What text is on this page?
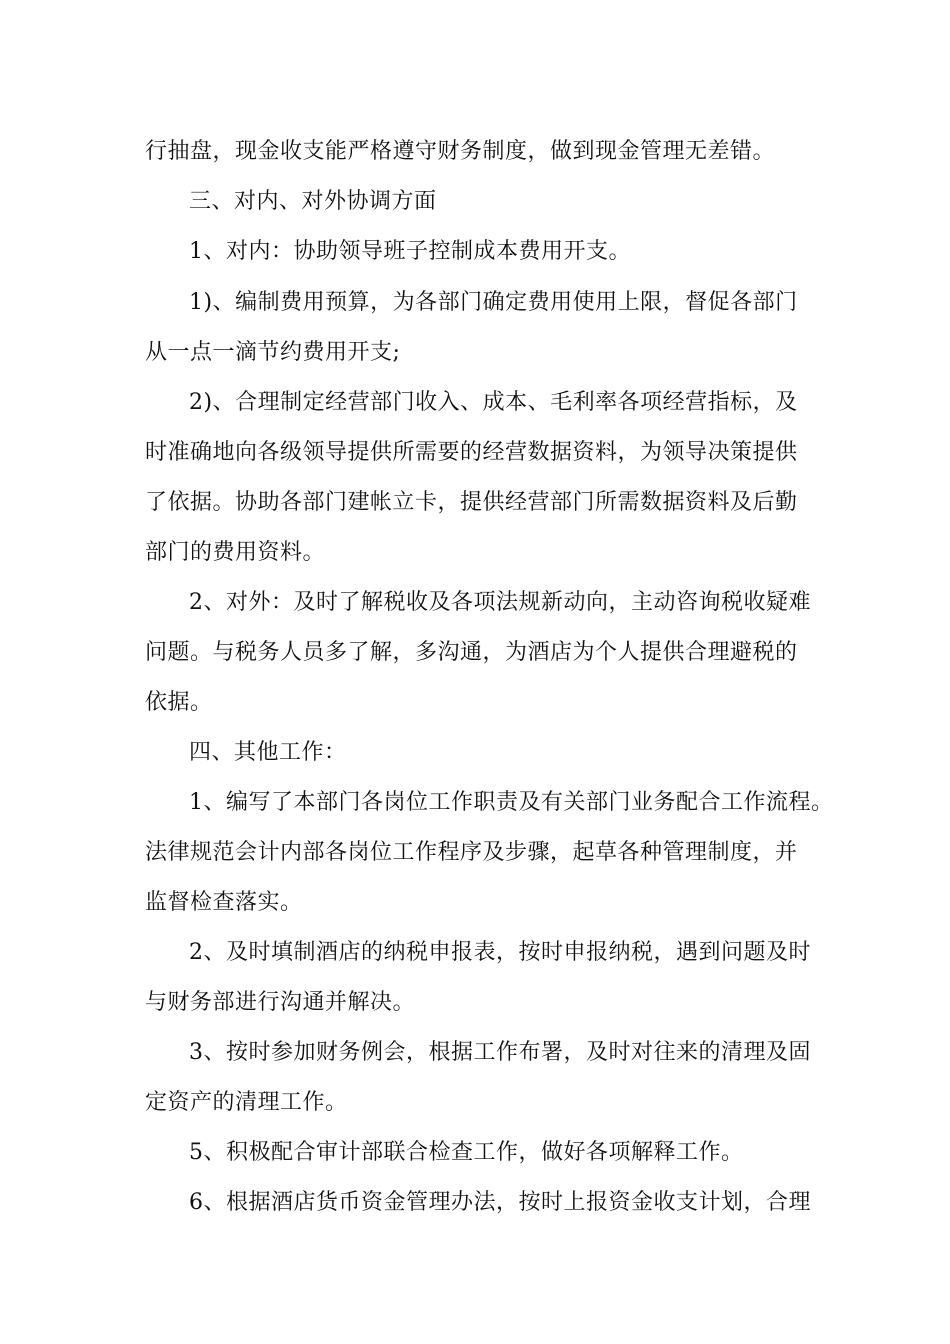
行抽盘，现金收支能严格遵守财务制度，做到现金管理无差错。
三、对内、对外协调方面
1、对内：协助领导班子控制成本费用开支。
1)、编制费用预算，为各部门确定费用使用上限，督促各部门
从一点一滴节约费用开支;
2)、合理制定经营部门收入、成本、毛利率各项经营指标，及
时准确地向各级领导提供所需要的经营数据资料，为领导决策提供
了依据。协助各部门建帐立卡，提供经营部门所需数据资料及后勤
部门的费用资料。
2、对外：及时了解税收及各项法规新动向，主动咨询税收疑难
问题。与税务人员多了解，多沟通，为酒店为个人提供合理避税的
依据。
四、其他工作：
1、编写了本部门各岗位工作职责及有关部门业务配合工作流程。
法律规范会计内部各岗位工作程序及步骤，起草各种管理制度，并
监督检查落实。
2、及时填制酒店的纳税申报表，按时申报纳税，遇到问题及时
与财务部进行沟通并解决。
3、按时参加财务例会，根据工作布署，及时对往来的清理及固
定资产的清理工作。
5、积极配合审计部联合检查工作，做好各项解释工作。
6、根据酒店货币资金管理办法，按时上报资金收支计划，合理
